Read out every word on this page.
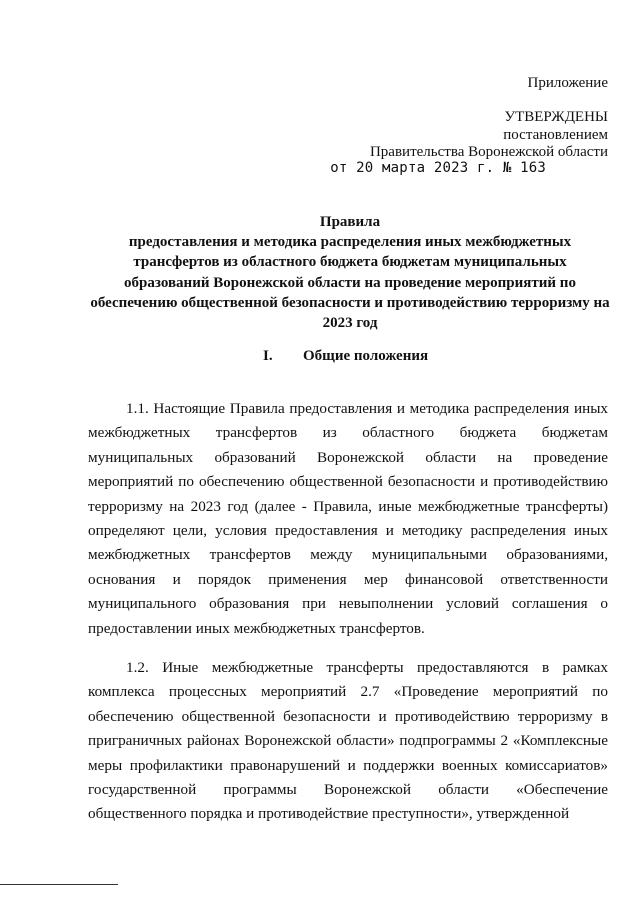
Приложение
УТВЕРЖДЕНЫ
постановлением
Правительства Воронежской области
от 20 марта 2023 г. № 163
Правила
предоставления и методика распределения иных межбюджетных трансфертов из областного бюджета бюджетам муниципальных образований Воронежской области на проведение мероприятий по обеспечению общественной безопасности и противодействию терроризму на 2023 год
I. Общие положения

1.1. Настоящие Правила предоставления и методика распределения иных межбюджетных трансфертов из областного бюджета бюджетам муниципальных образований Воронежской области на проведение мероприятий по обеспечению общественной безопасности и противодействию терроризму на 2023 год (далее - Правила, иные межбюджетные трансферты) определяют цели, условия предоставления и методику распределения иных межбюджетных трансфертов между муниципальными образованиями, основания и порядок применения мер финансовой ответственности муниципального образования при невыполнении условий соглашения о предоставлении иных межбюджетных трансфертов.

1.2. Иные межбюджетные трансферты предоставляются в рамках комплекса процессных мероприятий 2.7 «Проведение мероприятий по обеспечению общественной безопасности и противодействию терроризму в приграничных районах Воронежской области» подпрограммы 2 «Комплексные меры профилактики правонарушений и поддержки военных комиссариатов» государственной программы Воронежской области «Обеспечение общественного порядка и противодействие преступности», утвержденной
